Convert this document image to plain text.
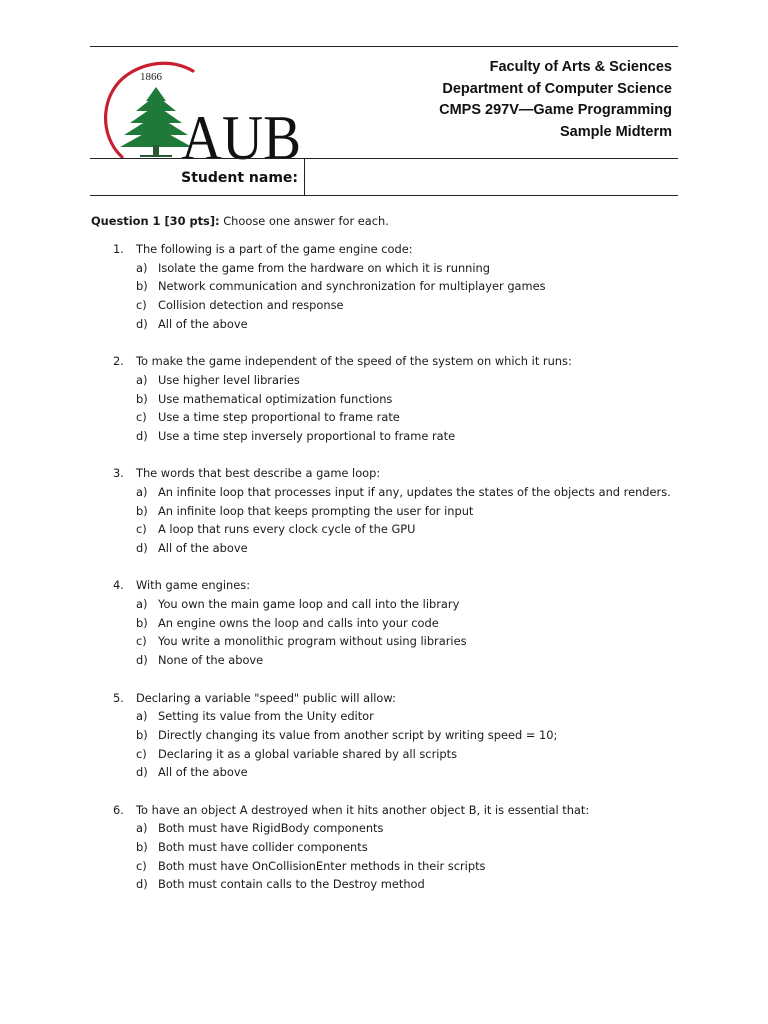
1866
AUB
Faculty of Arts & Sciences
Department of Computer Science
CMPS 297V—Game Programming
Sample Midterm
Student name:
Question 1 [30 pts]: Choose one answer for each.
1. The following is a part of the game engine code:
a) Isolate the game from the hardware on which it is running
b) Network communication and synchronization for multiplayer games
c) Collision detection and response
d) All of the above
2. To make the game independent of the speed of the system on which it runs:
a) Use higher level libraries
b) Use mathematical optimization functions
c) Use a time step proportional to frame rate
d) Use a time step inversely proportional to frame rate
3. The words that best describe a game loop:
a) An infinite loop that processes input if any, updates the states of the objects and renders.
b) An infinite loop that keeps prompting the user for input
c) A loop that runs every clock cycle of the GPU
d) All of the above
4. With game engines:
a) You own the main game loop and call into the library
b) An engine owns the loop and calls into your code
c) You write a monolithic program without using libraries
d) None of the above
5. Declaring a variable "speed" public will allow:
a) Setting its value from the Unity editor
b) Directly changing its value from another script by writing speed = 10;
c) Declaring it as a global variable shared by all scripts
d) All of the above
6. To have an object A destroyed when it hits another object B, it is essential that:
a) Both must have RigidBody components
b) Both must have collider components
c) Both must have OnCollisionEnter methods in their scripts
d) Both must contain calls to the Destroy method
